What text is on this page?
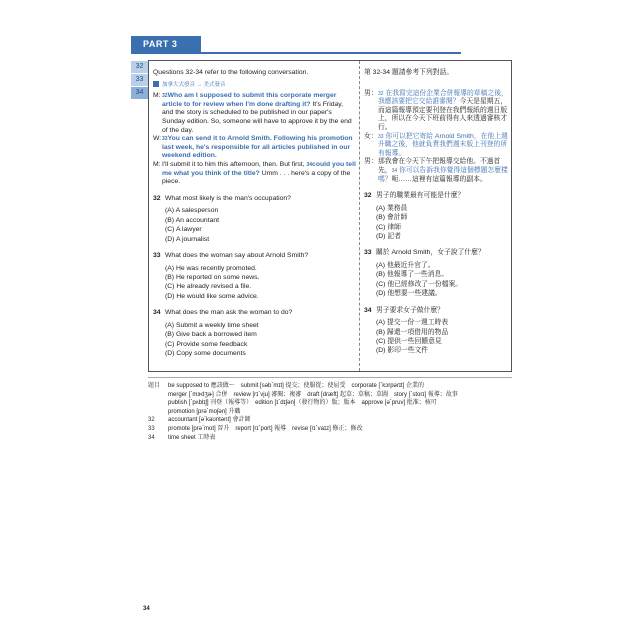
PART 3
32
33
34
Questions 32-34 refer to the following conversation.
加拿大式發音 → 美式發音
M: $^{32}$Who am I supposed to submit this corporate merger article to for review when I'm done drafting it? It's Friday, and the story is scheduled to be published in our paper's Sunday edition. So, someone will have to approve it by the end of the day.
W: $^{33}$You can send it to Arnold Smith. Following his promotion last week, he's responsible for all articles published in our weekend edition.
M: I'll submit it to him this afternoon, then. But first, $^{34}$could you tell me what you think of the title? Umm . . . here's a copy of the piece.
32 What most likely is the man's occupation?
(A) A salesperson
(B) An accountant
(C) A lawyer
(D) A journalist
33 What does the woman say about Arnold Smith?
(A) He was recently promoted.
(B) He reported on some news.
(C) He already revised a file.
(D) He would like some advice.
34 What does the man ask the woman to do?
(A) Submit a weekly time sheet
(B) Give back a borrowed item
(C) Provide some feedback
(D) Copy some documents
第 32-34 題請參考下列對話。
男： $^{32}$ 在我寫完這份企業合併報導的草稿之後，我應該要把它交給誰審閱？今天是星期五，而這篇報導預定要刊登在我們報紙的週日版上，所以在今天下班前得有人來透過審核才行。
女： $^{33}$ 你可以把它寄給 Arnold Smith，在他上週升職之後，他就負責我們週末版上刊登的所有報導。
男： 那我會在今天下午把報導交給他。不過首先，$^{34}$ 你可以告訴我你覺得這個標題怎麼樣嗎？呃……這裡有這篇報導的副本。
32 男子的職業最有可能是什麼？
(A) 業務員
(B) 會計師
(C) 律師
(D) 記者
33 關於 Arnold Smith，女子說了什麼？
(A) 他最近升官了。
(B) 他報導了一些消息。
(C) 他已經修改了一份檔案。
(D) 他想要一些建議。
34 男子要求女子做什麼？
(A) 提交一份一週工時表
(B) 歸還一項借用的物品
(C) 提供一些回饋意見
(D) 影印一些文件
題目	be supposed to 應該做～　submit [səbˋmɪt] 提交；使服從；使屈受　corporate [ˋkɔrpərɪt] 企業的
merger [ˋmɝdʒɚ] 合併　review [rɪˋvju] 審閱；複審　draft [dræft] 起草；草稿；草圖　story [ˋstorɪ] 報導；故事
publish [ˋpʌblɪʃ] 刊登（報導等）　edition [ɪˋdɪʃən]（發行物的）版；版本　approve [əˋpruv] 批准；核可
promotion [prəˋmoʃən] 升職
32	accountant [əˋkaʊntənt] 會計師
33	promote [prəˋmot] 晉升　report [rɪˋport] 報導　revise [rɪˋvaɪz] 修正；修改
34	time sheet 工時表
34
